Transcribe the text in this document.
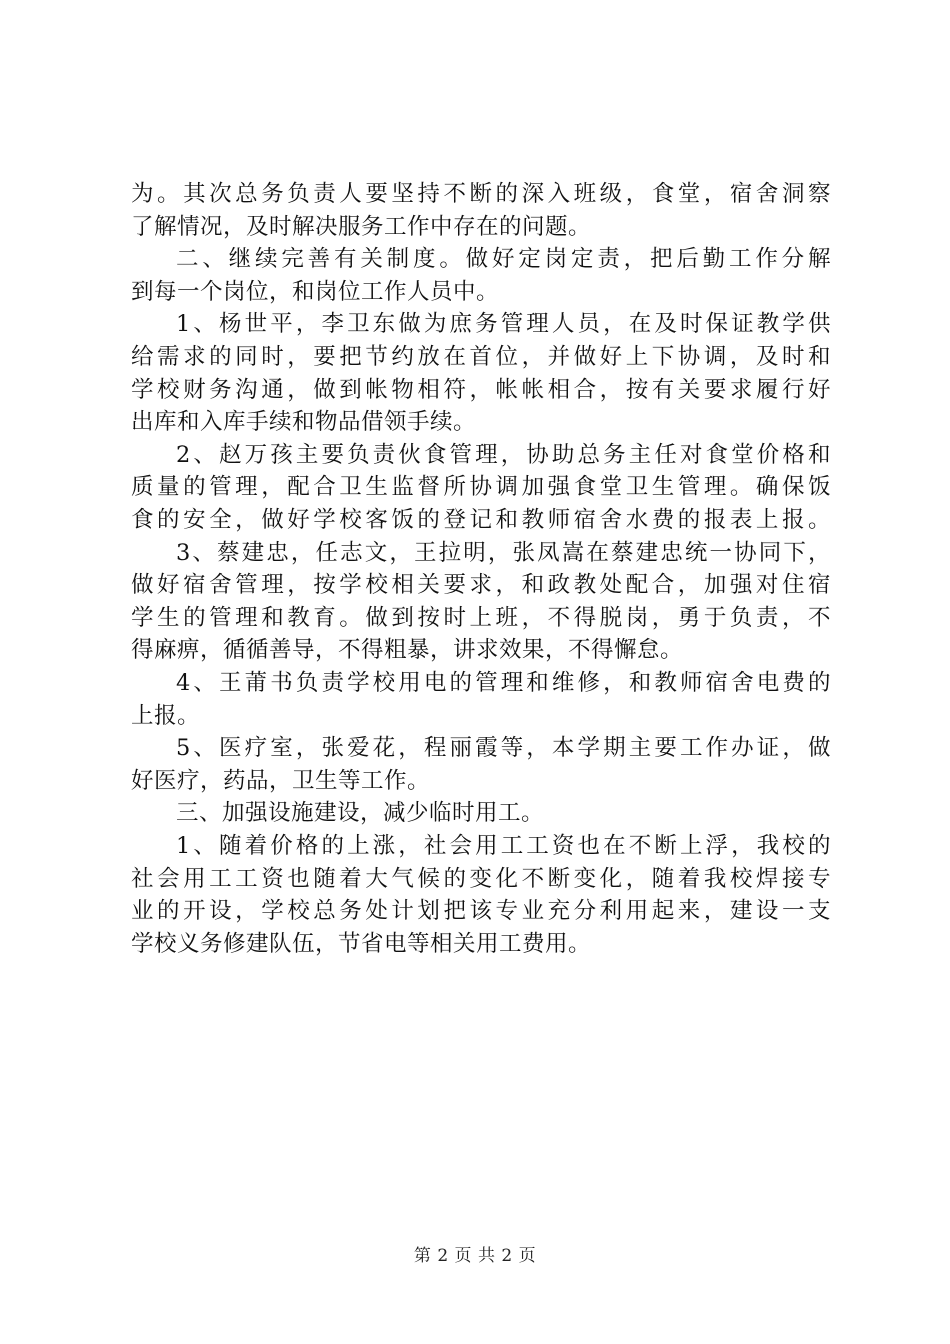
为。其次总务负责人要坚持不断的深入班级，食堂，宿舍洞察
了解情况，及时解决服务工作中存在的问题。
二、继续完善有关制度。做好定岗定责，把后勤工作分解
到每一个岗位，和岗位工作人员中。
1、杨世平，李卫东做为庶务管理人员，在及时保证教学供
给需求的同时，要把节约放在首位，并做好上下协调，及时和
学校财务沟通，做到帐物相符，帐帐相合，按有关要求履行好
出库和入库手续和物品借领手续。
2、赵万孩主要负责伙食管理，协助总务主任对食堂价格和
质量的管理，配合卫生监督所协调加强食堂卫生管理。确保饭
食的安全，做好学校客饭的登记和教师宿舍水费的报表上报。
3、蔡建忠，任志文，王拉明，张凤嵩在蔡建忠统一协同下，
做好宿舍管理，按学校相关要求，和政教处配合，加强对住宿
学生的管理和教育。做到按时上班，不得脱岗，勇于负责，不
得麻痹，循循善导，不得粗暴，讲求效果，不得懈怠。
4、王莆书负责学校用电的管理和维修，和教师宿舍电费的
上报。
5、医疗室，张爱花，程丽霞等，本学期主要工作办证，做
好医疗，药品，卫生等工作。
三、加强设施建设，减少临时用工。
1、随着价格的上涨，社会用工工资也在不断上浮，我校的
社会用工工资也随着大气候的变化不断变化，随着我校焊接专
业的开设，学校总务处计划把该专业充分利用起来，建设一支
学校义务修建队伍，节省电等相关用工费用。
第 2 页 共 2 页
